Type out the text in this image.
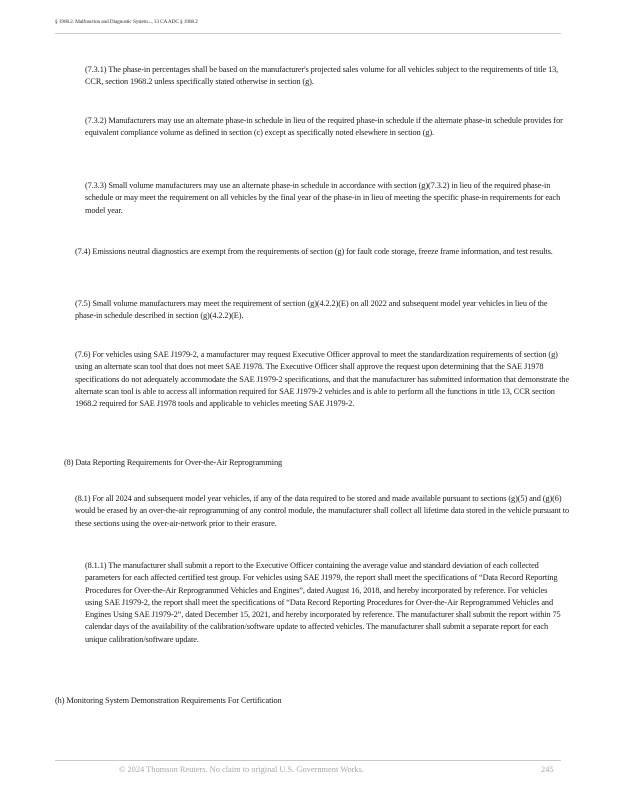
§ 1968.2. Malfunction and Diagnostic System..., 13 CA ADC § 1968.2

(7.3.1) The phase-in percentages shall be based on the manufacturer's projected sales volume for all vehicles subject to the requirements of title 13, CCR, section 1968.2 unless specifically stated otherwise in section (g).

(7.3.2) Manufacturers may use an alternate phase-in schedule in lieu of the required phase-in schedule if the alternate phase-in schedule provides for equivalent compliance volume as defined in section (c) except as specifically noted elsewhere in section (g).

(7.3.3) Small volume manufacturers may use an alternate phase-in schedule in accordance with section (g)(7.3.2) in lieu of the required phase-in schedule or may meet the requirement on all vehicles by the final year of the phase-in in lieu of meeting the specific phase-in requirements for each model year.

(7.4) Emissions neutral diagnostics are exempt from the requirements of section (g) for fault code storage, freeze frame information, and test results.

(7.5) Small volume manufacturers may meet the requirement of section (g)(4.2.2)(E) on all 2022 and subsequent model year vehicles in lieu of the phase-in schedule described in section (g)(4.2.2)(E).

(7.6) For vehicles using SAE J1979-2, a manufacturer may request Executive Officer approval to meet the standardization requirements of section (g) using an alternate scan tool that does not meet SAE J1978. The Executive Officer shall approve the request upon determining that the SAE J1978 specifications do not adequately accommodate the SAE J1979-2 specifications, and that the manufacturer has submitted information that demonstrate the alternate scan tool is able to access all information required for SAE J1979-2 vehicles and is able to perform all the functions in title 13, CCR section 1968.2 required for SAE J1978 tools and applicable to vehicles meeting SAE J1979-2.

(8) Data Reporting Requirements for Over-the-Air Reprogramming

(8.1) For all 2024 and subsequent model year vehicles, if any of the data required to be stored and made available pursuant to sections (g)(5) and (g)(6) would be erased by an over-the-air reprogramming of any control module, the manufacturer shall collect all lifetime data stored in the vehicle pursuant to these sections using the over-air-network prior to their erasure.

(8.1.1) The manufacturer shall submit a report to the Executive Officer containing the average value and standard deviation of each collected parameters for each affected certified test group. For vehicles using SAE J1979, the report shall meet the specifications of “Data Record Reporting Procedures for Over-the-Air Reprogrammed Vehicles and Engines”, dated August 16, 2018, and hereby incorporated by reference. For vehicles using SAE J1979-2, the report shall meet the specifications of “Data Record Reporting Procedures for Over-the-Air Reprogrammed Vehicles and Engines Using SAE J1979-2”, dated December 15, 2021, and hereby incorporated by reference. The manufacturer shall submit the report within 75 calendar days of the availability of the calibration/software update to affected vehicles. The manufacturer shall submit a separate report for each unique calibration/software update.

(h) Monitoring System Demonstration Requirements For Certification

© 2024 Thomson Reuters. No claim to original U.S. Government Works.	245
